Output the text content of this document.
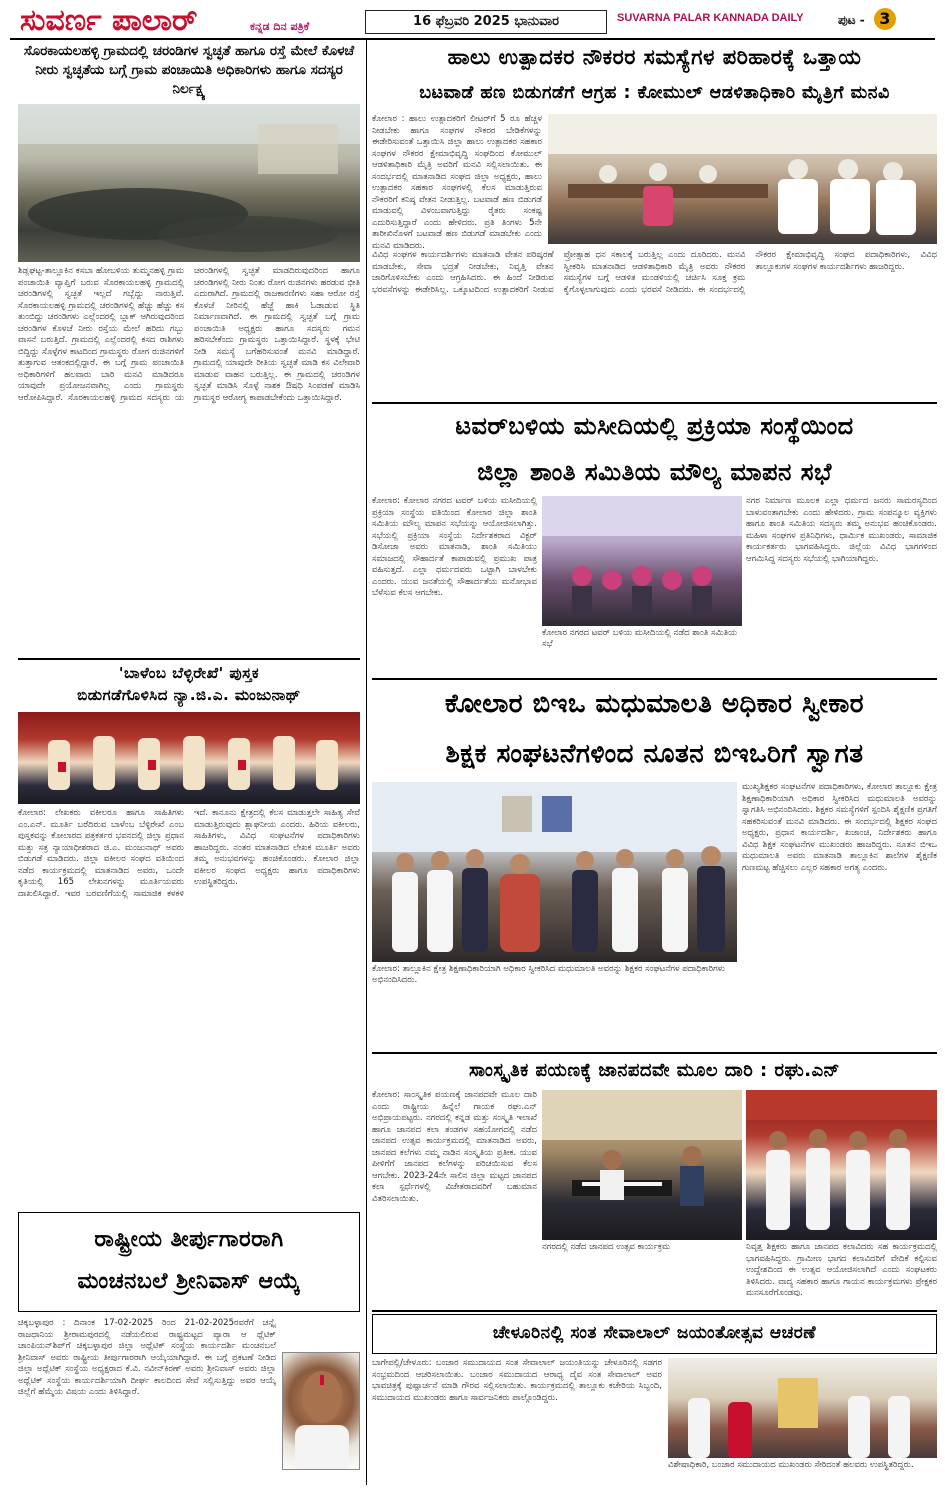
ಸುವರ್ಣ ಪಾಲಾರ್	ಕನ್ನಡ ದಿನ ಪತ್ರಿಕೆ	16 ಫೆಬ್ರವರಿ 2025 ಭಾನುವಾರ	SUVARNA PALAR KANNADA DAILY	ಪುಟ - 3
ಸೊರಕಾಯಲಹಳ್ಳಿ ಗ್ರಾಮದಲ್ಲಿ ಚರಂಡಿಗಳ ಸ್ವಚ್ಛತೆ ಹಾಗೂ ರಸ್ತೆ ಮೇಲೆ ಕೊಳಚೆ ನೀರು ಸ್ವಚ್ಛತೆಯ ಬಗ್ಗೆ ಗ್ರಾಮ ಪಂಚಾಯಿತಿ ಅಧಿಕಾರಿಗಳು ಹಾಗೂ ಸದಸ್ಯರ ನಿರ್ಲಕ್ಷ್ಯ
ಶಿಡ್ಲಘಟ್ಟ-ತಾಲ್ಲೂಕಿನ ಕಸಬಾ ಹೋಬಳಿಯ ತುಮ್ಮನಹಳ್ಳಿ ಗ್ರಾಮ ಪಂಚಾಯಿತಿ ವ್ಯಾಪ್ತಿಗೆ ಬರುವ ಸೊರಕಾಯಲಹಳ್ಳಿ ಗ್ರಾಮದಲ್ಲಿ ಚರಂಡಿಗಳಲ್ಲಿ ಸ್ವಚ್ಛತೆ ಇಲ್ಲದೆ ಗಬ್ಬೆದ್ದು ನಾರುತ್ತಿವೆ. ಸೊರಕಾಯಲಹಳ್ಳಿ ಗ್ರಾಮದಲ್ಲಿ ಚರಂಡಿಗಳಲ್ಲಿ ಹೆಚ್ಚು ಹೆಚ್ಚು ಕಸ ತುಂಬಿದ್ದು ಚರಂಡಿಗಳು ಎಲ್ಲೆಂದರಲ್ಲಿ ಬ್ಲಾಕ್ ಆಗಿರುವುದರಿಂದ ಚರಂಡಿಗಳ ಕೊಳಚೆ ನೀರು ರಸ್ತೆಯ ಮೇಲೆ ಹರಿದು ಗಬ್ಬು ವಾಸನೆ ಬರುತ್ತಿದೆ. ಗ್ರಾಮದಲ್ಲಿ ಎಲ್ಲೆಂದರಲ್ಲಿ ಕಸದ ರಾಶಿಗಳು ಬಿದ್ದಿದ್ದು ಸೊಳ್ಳೆಗಳ ಕಾಟದಿಂದ ಗ್ರಾಮಸ್ಥರು ರೋಗ ರುಜಿನಗಳಿಗೆ ತುತ್ತಾಗುವ ಆತಂಕದಲ್ಲಿದ್ದಾರೆ. ಈ ಬಗ್ಗೆ ಗ್ರಾಮ ಪಂಚಾಯಿತಿ ಅಧಿಕಾರಿಗಳಿಗೆ ಹಲವಾರು ಬಾರಿ ಮನವಿ ಮಾಡಿದರೂ ಯಾವುದೇ ಪ್ರಯೋಜನವಾಗಿಲ್ಲ ಎಂದು ಗ್ರಾಮಸ್ಥರು ಆರೋಪಿಸಿದ್ದಾರೆ. ಸೊರಕಾಯಲಹಳ್ಳಿ ಗ್ರಾಮದ ಸದಸ್ಯರು ಯ ಚರಂಡಿಗಳಲ್ಲಿ ಸ್ವಚ್ಛತೆ ಮಾಡದಿರುವುದರಿಂದ ಹಾಗೂ ಚರಂಡಿಗಳಲ್ಲಿ ನೀರು ನಿಂತು ರೋಗ ರುಜಿನಗಳು ಹರಡುವ ಭೀತಿ ಎದುರಾಗಿದೆ. ಗ್ರಾಮದಲ್ಲಿ ರಾಜಕಾರಣಿಗಳು ಸಹಾ ಆರೋ ರಸ್ತೆ ಕೊಳಚೆ ನೀರಿನಲ್ಲಿ ಹೆಜ್ಜೆ ಹಾಕಿ ಓಡಾಡುವ ಸ್ಥಿತಿ ನಿರ್ಮಾಣವಾಗಿದೆ. ಈ ಗ್ರಾಮದಲ್ಲಿ ಸ್ವಚ್ಛತೆ ಬಗ್ಗೆ ಗ್ರಾಮ ಪಂಚಾಯಿತಿ ಅಧ್ಯಕ್ಷರು ಹಾಗೂ ಸದಸ್ಯರು ಗಮನ ಹರಿಸಬೇಕೆಂದು ಗ್ರಾಮಸ್ಥರು ಒತ್ತಾಯಿಸಿದ್ದಾರೆ. ಸ್ಥಳಕ್ಕೆ ಭೇಟಿ ನೀಡಿ ಸಮಸ್ಯೆ ಬಗೆಹರಿಸುವಂತೆ ಮನವಿ ಮಾಡಿದ್ದಾರೆ. ಗ್ರಾಮದಲ್ಲಿ ಯಾವುದೇ ರೀತಿಯ ಸ್ವಚ್ಛತೆ ಮಾಡಿ ಕಸ ವಿಲೇವಾರಿ ಮಾಡುವ ವಾಹನ ಬರುತ್ತಿಲ್ಲ. ಈ ಗ್ರಾಮದಲ್ಲಿ ಚರಂಡಿಗಳ ಸ್ವಚ್ಛತೆ ಮಾಡಿಸಿ ಸೊಳ್ಳೆ ನಾಶಕ ಔಷಧಿ ಸಿಂಪಡಣೆ ಮಾಡಿಸಿ ಗ್ರಾಮಸ್ಥರ ಆರೋಗ್ಯ ಕಾಪಾಡಬೇಕೆಂದು ಒತ್ತಾಯಿಸಿದ್ದಾರೆ.
'ಬಾಳೆಂಬ ಬೆಳ್ಳಿರೇಖೆ' ಪುಸ್ತಕ
ಬಿಡುಗಡೆಗೊಳಿಸಿದ ನ್ಯಾ.ಜಿ.ಎ. ಮಂಜುನಾಥ್
ಕೋಲಾರ: ಲೇಖಕರು ವಕೀಲರೂ ಹಾಗೂ ಸಾಹಿತಿಗಳು ಎಂ.ಎನ್. ಮೂರ್ತಿ ಬರೆದಿರುವ ಬಾಳೆಂಬ ಬೆಳ್ಳಿರೇಖೆ ಎಂಬ ಪುಸ್ತಕವನ್ನು ಕೋಲಾರದ ಪತ್ರಕರ್ತರ ಭವನದಲ್ಲಿ ಜಿಲ್ಲಾ ಪ್ರಧಾನ ಮತ್ತು ಸತ್ರ ನ್ಯಾಯಾಧೀಶರಾದ ಜಿ.ಎ. ಮಂಜುನಾಥ್ ಅವರು ಬಿಡುಗಡೆ ಮಾಡಿದರು. ಜಿಲ್ಲಾ ವಕೀಲರ ಸಂಘದ ವತಿಯಿಂದ ನಡೆದ ಕಾರ್ಯಕ್ರಮದಲ್ಲಿ ಮಾತನಾಡಿದ ಅವರು, ಒಂದೇ ಕೃತಿಯಲ್ಲಿ 165 ಲೇಖನಗಳನ್ನು ಮೂರ್ತಿಯವರು ದಾಖಲಿಸಿದ್ದಾರೆ. ಇವರ ಬರವಣಿಗೆಯಲ್ಲಿ ಸಾಮಾಜಿಕ ಕಳಕಳಿ ಇದೆ. ಕಾನೂನು ಕ್ಷೇತ್ರದಲ್ಲಿ ಕೆಲಸ ಮಾಡುತ್ತಲೇ ಸಾಹಿತ್ಯ ಸೇವೆ ಮಾಡುತ್ತಿರುವುದು ಶ್ಲಾಘನೀಯ ಎಂದರು. ಹಿರಿಯ ವಕೀಲರು, ಸಾಹಿತಿಗಳು, ವಿವಿಧ ಸಂಘಟನೆಗಳ ಪದಾಧಿಕಾರಿಗಳು ಹಾಜರಿದ್ದರು. ನಂತರ ಮಾತನಾಡಿದ ಲೇಖಕ ಮೂರ್ತಿ ಅವರು ತಮ್ಮ ಅನುಭವಗಳನ್ನು ಹಂಚಿಕೊಂಡರು. ಕೋಲಾರ ಜಿಲ್ಲಾ ವಕೀಲರ ಸಂಘದ ಅಧ್ಯಕ್ಷರು ಹಾಗೂ ಪದಾಧಿಕಾರಿಗಳು ಉಪಸ್ಥಿತರಿದ್ದರು.
ರಾಷ್ಟ್ರೀಯ ತೀರ್ಪುಗಾರರಾಗಿ
ಮಂಚನಬಲೆ ಶ್ರೀನಿವಾಸ್ ಆಯ್ಕೆ
ಚಿಕ್ಕಬಳ್ಳಾಪುರ : ದಿನಾಂಕ 17-02-2025 ರಿಂದ 21-02-2025ರವರೆಗೆ ಚನ್ನೈ ರಾಜಧಾನಿಯ ಶ್ರೀರಾಮಪುರದಲ್ಲಿ ನಡೆಯಲಿರುವ ರಾಷ್ಟ್ರಮಟ್ಟದ ಪ್ಯಾರಾ ಆ ಥ್ಲೆಟಿಕ್ ಚಾಂಪಿಯನ್‌ಶಿಪ್‌ಗೆ ಚಿಕ್ಕಬಳ್ಳಾಪುರ ಜಿಲ್ಲಾ ಅಥ್ಲೆಟಿಕ್ ಸಂಸ್ಥೆಯ ಕಾರ್ಯದರ್ಶಿ ಮಂಚನಬಲೆ ಶ್ರೀನಿವಾಸ್ ಅವರು ರಾಷ್ಟ್ರೀಯ ತೀರ್ಪುಗಾರರಾಗಿ ಆಯ್ಕೆಯಾಗಿದ್ದಾರೆ. ಈ ಬಗ್ಗೆ ಪ್ರಕಟಣೆ ನೀಡಿದ ಜಿಲ್ಲಾ ಅಥ್ಲೆಟಿಕ್ ಸಂಸ್ಥೆಯ ಅಧ್ಯಕ್ಷರಾದ ಕೆ.ವಿ. ನವೀನ್‌ಕಿರಣ್ ಅವರು ಶ್ರೀನಿವಾಸ್ ಅವರು ಜಿಲ್ಲಾ ಅಥ್ಲೆಟಿಕ್ ಸಂಸ್ಥೆಯ ಕಾರ್ಯದರ್ಶಿಯಾಗಿ ದೀರ್ಘ ಕಾಲದಿಂದ ಸೇವೆ ಸಲ್ಲಿಸುತ್ತಿದ್ದು ಅವರ ಆಯ್ಕೆ ಜಿಲ್ಲೆಗೆ ಹೆಮ್ಮೆಯ ವಿಷಯ ಎಂದು ತಿಳಿಸಿದ್ದಾರೆ.
ಹಾಲು ಉತ್ಪಾದಕರ ನೌಕರರ ಸಮಸ್ಯೆಗಳ ಪರಿಹಾರಕ್ಕೆ ಒತ್ತಾಯ
ಬಟವಾಡೆ ಹಣ ಬಿಡುಗಡೆಗೆ ಆಗ್ರಹ : ಕೋಮುಲ್ ಆಡಳಿತಾಧಿಕಾರಿ ಮೈತ್ರಿಗೆ ಮನವಿ
ಕೋಲಾರ : ಹಾಲು ಉತ್ಪಾದಕರಿಗೆ ಲೀಟರ್‌ಗೆ 5 ರೂ ಹೆಚ್ಚಳ ನೀಡಬೇಕು ಹಾಗೂ ಸಂಘಗಳ ನೌಕರರ ಬೇಡಿಕೆಗಳನ್ನು ಈಡೇರಿಸುವಂತೆ ಒತ್ತಾಯಿಸಿ ಜಿಲ್ಲಾ ಹಾಲು ಉತ್ಪಾದಕರ ಸಹಕಾರ ಸಂಘಗಳ ನೌಕರರ ಕ್ಷೇಮಾಭಿವೃದ್ಧಿ ಸಂಘದಿಂದ ಕೋಮುಲ್ ಆಡಳಿತಾಧಿಕಾರಿ ಮೈತ್ರಿ ಅವರಿಗೆ ಮನವಿ ಸಲ್ಲಿಸಲಾಯಿತು. ಈ ಸಂದರ್ಭದಲ್ಲಿ ಮಾತನಾಡಿದ ಸಂಘದ ಜಿಲ್ಲಾ ಅಧ್ಯಕ್ಷರು, ಹಾಲು ಉತ್ಪಾದಕರ ಸಹಕಾರ ಸಂಘಗಳಲ್ಲಿ ಕೆಲಸ ಮಾಡುತ್ತಿರುವ ನೌಕರರಿಗೆ ಕನಿಷ್ಠ ವೇತನ ನೀಡುತ್ತಿಲ್ಲ. ಬಟವಾಡೆ ಹಣ ಬಿಡುಗಡೆ ಮಾಡುವಲ್ಲಿ ವಿಳಂಬವಾಗುತ್ತಿದ್ದು ರೈತರು ಸಂಕಷ್ಟ ಎದುರಿಸುತ್ತಿದ್ದಾರೆ ಎಂದು ಹೇಳಿದರು. ಪ್ರತಿ ತಿಂಗಳು 5ನೇ ತಾರೀಖಿನೊಳಗೆ ಬಟವಾಡೆ ಹಣ ಬಿಡುಗಡೆ ಮಾಡಬೇಕು ಎಂದು ಮನವಿ ಮಾಡಿದರು.
ವಿವಿಧ ಸಂಘಗಳ ಕಾರ್ಯದರ್ಶಿಗಳು ಮಾತನಾಡಿ ವೇತನ ಪರಿಷ್ಕರಣೆ ಮಾಡಬೇಕು, ಸೇವಾ ಭದ್ರತೆ ನೀಡಬೇಕು, ನಿವೃತ್ತಿ ವೇತನ ಜಾರಿಗೊಳಿಸಬೇಕು ಎಂದು ಆಗ್ರಹಿಸಿದರು. ಈ ಹಿಂದೆ ನೀಡಿರುವ ಭರವಸೆಗಳನ್ನು ಈಡೇರಿಸಿಲ್ಲ. ಒಕ್ಕೂಟದಿಂದ ಉತ್ಪಾದಕರಿಗೆ ನೀಡುವ ಪ್ರೋತ್ಸಾಹ ಧನ ಸಕಾಲಕ್ಕೆ ಬರುತ್ತಿಲ್ಲ ಎಂದು ದೂರಿದರು. ಮನವಿ ಸ್ವೀಕರಿಸಿ ಮಾತನಾಡಿದ ಆಡಳಿತಾಧಿಕಾರಿ ಮೈತ್ರಿ ಅವರು ನೌಕರರ ಸಮಸ್ಯೆಗಳ ಬಗ್ಗೆ ಆಡಳಿತ ಮಂಡಳಿಯಲ್ಲಿ ಚರ್ಚಿಸಿ ಸೂಕ್ತ ಕ್ರಮ ಕೈಗೊಳ್ಳಲಾಗುವುದು ಎಂದು ಭರವಸೆ ನೀಡಿದರು. ಈ ಸಂದರ್ಭದಲ್ಲಿ ನೌಕರರ ಕ್ಷೇಮಾಭಿವೃದ್ಧಿ ಸಂಘದ ಪದಾಧಿಕಾರಿಗಳು, ವಿವಿಧ ತಾಲ್ಲೂಕುಗಳ ಸಂಘಗಳ ಕಾರ್ಯದರ್ಶಿಗಳು ಹಾಜರಿದ್ದರು.
ಟವರ್‌ಬಳಿಯ ಮಸೀದಿಯಲ್ಲಿ ಪ್ರಕ್ರಿಯಾ ಸಂಸ್ಥೆಯಿಂದ
ಜಿಲ್ಲಾ ಶಾಂತಿ ಸಮಿತಿಯ ಮೌಲ್ಯ ಮಾಪನ ಸಭೆ
ಕೋಲಾರ: ಕೋಲಾರ ನಗರದ ಟವರ್ ಬಳಿಯ ಮಸೀದಿಯಲ್ಲಿ ಪ್ರಕ್ರಿಯಾ ಸಂಸ್ಥೆಯ ವತಿಯಿಂದ ಕೋಲಾರ ಜಿಲ್ಲಾ ಶಾಂತಿ ಸಮಿತಿಯ ಮೌಲ್ಯ ಮಾಪನ ಸಭೆಯನ್ನು ಆಯೋಜಿಸಲಾಗಿತ್ತು. ಸಭೆಯಲ್ಲಿ ಪ್ರಕ್ರಿಯಾ ಸಂಸ್ಥೆಯ ನಿರ್ದೇಶಕರಾದ ವಿಕ್ಟರ್ ಡಿಸೋಜಾ ಅವರು ಮಾತನಾಡಿ, ಶಾಂತಿ ಸಮಿತಿಯು ಸಮಾಜದಲ್ಲಿ ಸೌಹಾರ್ದತೆ ಕಾಪಾಡುವಲ್ಲಿ ಪ್ರಮುಖ ಪಾತ್ರ ವಹಿಸುತ್ತದೆ. ಎಲ್ಲಾ ಧರ್ಮದವರು ಒಟ್ಟಾಗಿ ಬಾಳಬೇಕು ಎಂದರು. ಯುವ ಜನತೆಯಲ್ಲಿ ಸೌಹಾರ್ದತೆಯ ಮನೋಭಾವ ಬೆಳೆಸುವ ಕೆಲಸ ಆಗಬೇಕು.
ಕೋಲಾರ ನಗರದ ಟವರ್ ಬಳಿಯ ಮಸೀದಿಯಲ್ಲಿ ನಡೆದ ಶಾಂತಿ ಸಮಿತಿಯ ಸಭೆ
ನಗರ ನಿರ್ಮಾಣ ಮೂಲಕ ಎಲ್ಲಾ ಧರ್ಮದ ಜನರು ಸಾಮರಸ್ಯದಿಂದ ಬಾಳುವಂತಾಗಬೇಕು ಎಂದು ಹೇಳಿದರು. ಗ್ರಾಮ ಸಂಪನ್ಮೂಲ ವ್ಯಕ್ತಿಗಳು ಹಾಗೂ ಶಾಂತಿ ಸಮಿತಿಯ ಸದಸ್ಯರು ತಮ್ಮ ಅನುಭವ ಹಂಚಿಕೊಂಡರು. ಮಹಿಳಾ ಸಂಘಗಳ ಪ್ರತಿನಿಧಿಗಳು, ಧಾರ್ಮಿಕ ಮುಖಂಡರು, ಸಾಮಾಜಿಕ ಕಾರ್ಯಕರ್ತರು ಭಾಗವಹಿಸಿದ್ದರು. ಜಿಲ್ಲೆಯ ವಿವಿಧ ಭಾಗಗಳಿಂದ ಆಗಮಿಸಿದ್ದ ಸದಸ್ಯರು ಸಭೆಯಲ್ಲಿ ಭಾಗಿಯಾಗಿದ್ದರು.
ಕೋಲಾರ ಬಿಇಒ ಮಧುಮಾಲತಿ ಅಧಿಕಾರ ಸ್ವೀಕಾರ
ಶಿಕ್ಷಕ ಸಂಘಟನೆಗಳಿಂದ ನೂತನ ಬಿಇಒರಿಗೆ ಸ್ವಾಗತ
ಕೋಲಾರ: ತಾಲ್ಲೂಕಿನ ಕ್ಷೇತ್ರ ಶಿಕ್ಷಣಾಧಿಕಾರಿಯಾಗಿ ಅಧಿಕಾರ ಸ್ವೀಕರಿಸಿದ ಮಧುಮಾಲತಿ ಅವರನ್ನು ಶಿಕ್ಷಕರ ಸಂಘಟನೆಗಳ ಪದಾಧಿಕಾರಿಗಳು ಅಭಿನಂದಿಸಿದರು.
ಮುಖ್ಯಶಿಕ್ಷಕರ ಸಂಘಟನೆಗಳ ಪದಾಧಿಕಾರಿಗಳು, ಕೋಲಾರ ತಾಲ್ಲೂಕು ಕ್ಷೇತ್ರ ಶಿಕ್ಷಣಾಧಿಕಾರಿಯಾಗಿ ಅಧಿಕಾರ ಸ್ವೀಕರಿಸಿದ ಮಧುಮಾಲತಿ ಅವರನ್ನು ಸ್ವಾಗತಿಸಿ ಅಭಿನಂದಿಸಿದರು. ಶಿಕ್ಷಕರ ಸಮಸ್ಯೆಗಳಿಗೆ ಸ್ಪಂದಿಸಿ ಶೈಕ್ಷಣಿಕ ಪ್ರಗತಿಗೆ ಸಹಕರಿಸುವಂತೆ ಮನವಿ ಮಾಡಿದರು. ಈ ಸಂದರ್ಭದಲ್ಲಿ ಶಿಕ್ಷಕರ ಸಂಘದ ಅಧ್ಯಕ್ಷರು, ಪ್ರಧಾನ ಕಾರ್ಯದರ್ಶಿ, ಖಜಾಂಚಿ, ನಿರ್ದೇಶಕರು ಹಾಗೂ ವಿವಿಧ ಶಿಕ್ಷಕ ಸಂಘಟನೆಗಳ ಮುಖಂಡರು ಹಾಜರಿದ್ದರು. ನೂತನ ಬಿಇಒ ಮಧುಮಾಲತಿ ಅವರು ಮಾತನಾಡಿ ತಾಲ್ಲೂಕಿನ ಶಾಲೆಗಳ ಶೈಕ್ಷಣಿಕ ಗುಣಮಟ್ಟ ಹೆಚ್ಚಿಸಲು ಎಲ್ಲರ ಸಹಕಾರ ಅಗತ್ಯ ಎಂದರು.
ಸಾಂಸ್ಕೃತಿಕ ಪಯಣಕ್ಕೆ ಜಾನಪದವೇ ಮೂಲ ದಾರಿ : ರಘು.ಎನ್
ಕೋಲಾರ: ಸಾಂಸ್ಕೃತಿಕ ಪಯಣಕ್ಕೆ ಜಾನಪದವೇ ಮೂಲ ದಾರಿ ಎಂದು ರಾಷ್ಟ್ರೀಯ ಹಿನ್ನೆಲೆ ಗಾಯಕ ರಘು.ಎನ್ ಅಭಿಪ್ರಾಯಪಟ್ಟರು. ನಗರದಲ್ಲಿ ಕನ್ನಡ ಮತ್ತು ಸಂಸ್ಕೃತಿ ಇಲಾಖೆ ಹಾಗೂ ಜಾನಪದ ಕಲಾ ತಂಡಗಳ ಸಹಯೋಗದಲ್ಲಿ ನಡೆದ ಜಾನಪದ ಉತ್ಸವ ಕಾರ್ಯಕ್ರಮದಲ್ಲಿ ಮಾತನಾಡಿದ ಅವರು, ಜಾನಪದ ಕಲೆಗಳು ನಮ್ಮ ನಾಡಿನ ಸಂಸ್ಕೃತಿಯ ಪ್ರತೀಕ. ಯುವ ಪೀಳಿಗೆಗೆ ಜಾನಪದ ಕಲೆಗಳನ್ನು ಪರಿಚಯಿಸುವ ಕೆಲಸ ಆಗಬೇಕು. 2023-24ನೇ ಸಾಲಿನ ಜಿಲ್ಲಾ ಮಟ್ಟದ ಜಾನಪದ ಕಲಾ ಸ್ಪರ್ಧೆಗಳಲ್ಲಿ ವಿಜೇತರಾದವರಿಗೆ ಬಹುಮಾನ ವಿತರಿಸಲಾಯಿತು.
ನಗರದಲ್ಲಿ ನಡೆದ ಜಾನಪದ ಉತ್ಸವ ಕಾರ್ಯಕ್ರಮ	ನಿವೃತ್ತ ಶಿಕ್ಷಕರು ಹಾಗೂ ಜಾನಪದ ಕಲಾವಿದರು ಸಹ ಕಾರ್ಯಕ್ರಮದಲ್ಲಿ ಭಾಗವಹಿಸಿದ್ದರು. ಗ್ರಾಮೀಣ ಭಾಗದ ಕಲಾವಿದರಿಗೆ ವೇದಿಕೆ ಕಲ್ಪಿಸುವ ಉದ್ದೇಶದಿಂದ ಈ ಉತ್ಸವ ಆಯೋಜಿಸಲಾಗಿದೆ ಎಂದು ಸಂಘಟಕರು ತಿಳಿಸಿದರು. ವಾದ್ಯ ಸಹಕಾರ ಹಾಗೂ ಗಾಯನ ಕಾರ್ಯಕ್ರಮಗಳು ಪ್ರೇಕ್ಷಕರ ಮನಸೂರೆಗೊಂಡವು.
ಚೇಳೂರಿನಲ್ಲಿ ಸಂತ ಸೇವಾಲಾಲ್ ಜಯಂತೋತ್ಸವ ಆಚರಣೆ
ಬಾಗೇಪಲ್ಲಿ/ಚೇಳೂರು: ಬಂಜಾರ ಸಮುದಾಯದ ಸಂತ ಸೇವಾಲಾಲ್ ಜಯಂತಿಯನ್ನು ಚೇಳೂರಿನಲ್ಲಿ ಸಡಗರ ಸಂಭ್ರಮದಿಂದ ಆಚರಿಸಲಾಯಿತು. ಬಂಜಾರ ಸಮುದಾಯದ ಆರಾಧ್ಯ ದೈವ ಸಂತ ಸೇವಾಲಾಲ್ ಅವರ ಭಾವಚಿತ್ರಕ್ಕೆ ಪುಷ್ಪಾರ್ಚನೆ ಮಾಡಿ ಗೌರವ ಸಲ್ಲಿಸಲಾಯಿತು. ಕಾರ್ಯಕ್ರಮದಲ್ಲಿ ತಾಲ್ಲೂಕು ಕಚೇರಿಯ ಸಿಬ್ಬಂದಿ, ಸಮುದಾಯದ ಮುಖಂಡರು ಹಾಗೂ ಸಾರ್ವಜನಿಕರು ಪಾಲ್ಗೊಂಡಿದ್ದರು.
ವಿಶೇಷಾಧಿಕಾರಿ, ಬಂಜಾರ ಸಮುದಾಯದ ಮುಖಂಡರು ಸೇರಿದಂತೆ ಹಲವರು ಉಪಸ್ಥಿತರಿದ್ದರು.
